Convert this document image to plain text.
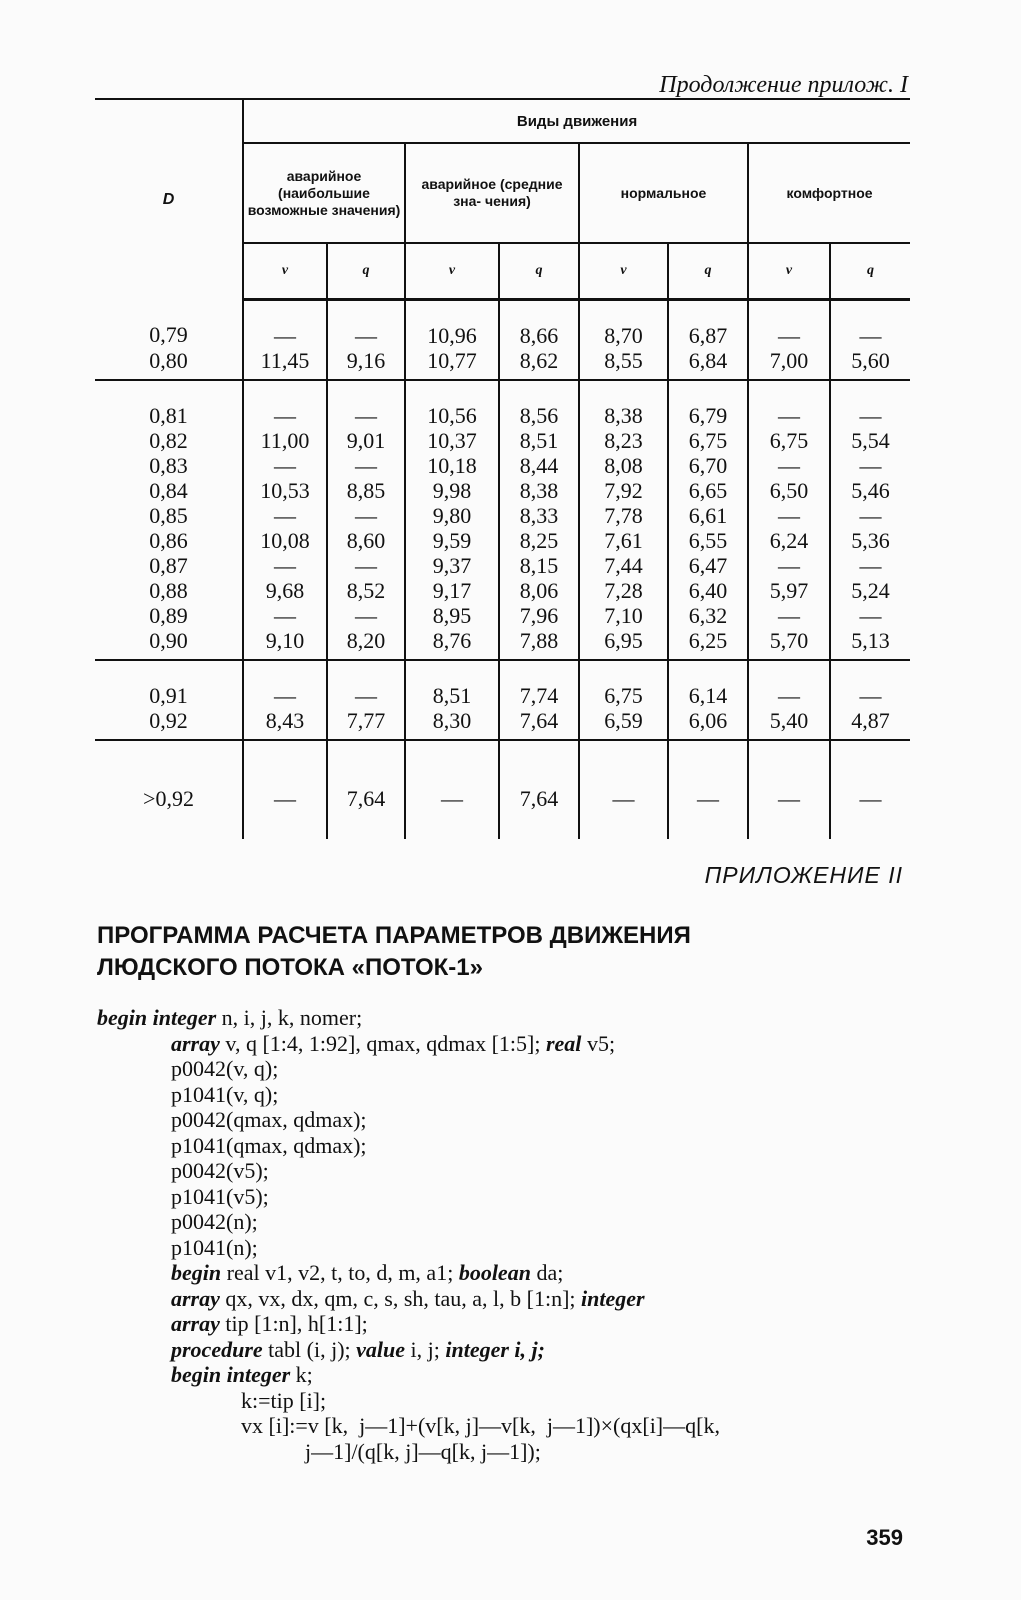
Продолжение прилож. I
D	Виды движения							
	аварийное (наибольшие возможные значения)		аварийное (средние зна- чения)		нормальное		комфортное	
	v	q	v	q	v	q	v	q
0,79	—	—	10,96	8,66	8,70	6,87	—	—
0,80	11,45	9,16	10,77	8,62	8,55	6,84	7,00	5,60
0,81	—	—	10,56	8,56	8,38	6,79	—	—
0,82	11,00	9,01	10,37	8,51	8,23	6,75	6,75	5,54
0,83	—	—	10,18	8,44	8,08	6,70	—	—
0,84	10,53	8,85	9,98	8,38	7,92	6,65	6,50	5,46
0,85	—	—	9,80	8,33	7,78	6,61	—	—
0,86	10,08	8,60	9,59	8,25	7,61	6,55	6,24	5,36
0,87	—	—	9,37	8,15	7,44	6,47	—	—
0,88	9,68	8,52	9,17	8,06	7,28	6,40	5,97	5,24
0,89	—	—	8,95	7,96	7,10	6,32	—	—
0,90	9,10	8,20	8,76	7,88	6,95	6,25	5,70	5,13
0,91	—	—	8,51	7,74	6,75	6,14	—	—
0,92	8,43	7,77	8,30	7,64	6,59	6,06	5,40	4,87
>0,92	—	7,64	—	7,64	—	—	—	—
ПРИЛОЖЕНИЕ II
ПРОГРАММА РАСЧЕТА ПАРАМЕТРОВ ДВИЖЕНИЯ
ЛЮДСКОГО ПОТОКА «ПОТОК-1»
begin integer n, i, j, k, nomer;
array v, q [1:4, 1:92], qmax, qdmax [1:5]; real v5;
p0042(v, q);
p1041(v, q);
p0042(qmax, qdmax);
p1041(qmax, qdmax);
p0042(v5);
p1041(v5);
p0042(n);
p1041(n);
begin real v1, v2, t, to, d, m, a1; boolean da;
array qx, vx, dx, qm, c, s, sh, tau, a, l, b [1:n]; integer
array tip [1:n], h[1:1];
procedure tabl (i, j); value i, j; integer i, j;
begin integer k;
k:=tip [i];
vx [i]:=v [k,  j—1]+(v[k, j]—v[k,  j—1])×(qx[i]—q[k,
j—1]/(q[k, j]—q[k, j—1]);
359
